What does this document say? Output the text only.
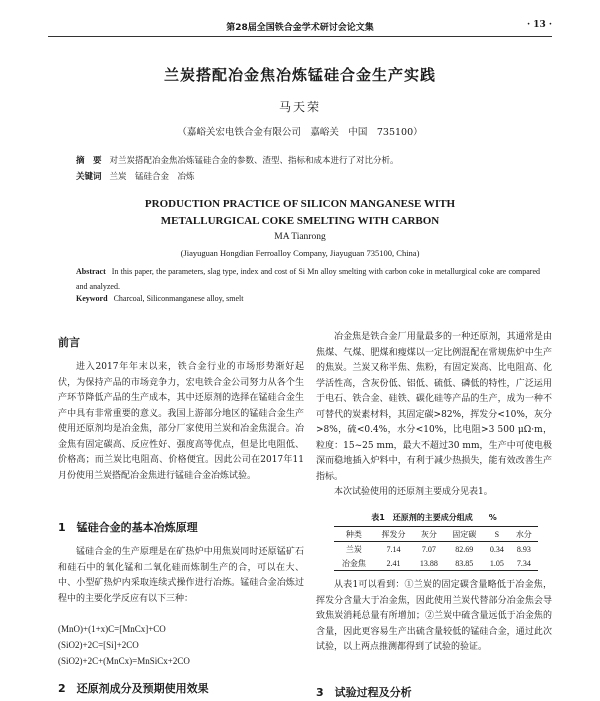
第28届全国铁合金学术研讨会论文集	· 13 ·
兰炭搭配冶金焦冶炼锰硅合金生产实践
马天荣
（嘉峪关宏电铁合金有限公司　嘉峪关　中国　735100）
摘　要 对兰炭搭配冶金焦冶炼锰硅合金的参数、渣型、指标和成本进行了对比分析。
关键词 兰炭　锰硅合金　冶炼
PRODUCTION PRACTICE OF SILICON MANGANESE WITH
METALLURGICAL COKE SMELTING WITH CARBON
MA Tianrong
(Jiayuguan Hongdian Ferroalloy Company, Jiayuguan 735100, China)
Abstract In this paper, the parameters, slag type, index and cost of Si Mn alloy smelting with carbon coke in metallurgical coke are compared and analyzed.
Keyword Charcoal, Siliconmanganese alloy, smelt
前言

进入2017年年末以来，铁合金行业的市场形势渐好起伏，为保持产品的市场竞争力，宏电铁合金公司努力从各个生产环节降低产品的生产成本，其中还原剂的选择在锰硅合金生产中具有非常重要的意义。我国上游部分地区的锰硅合金生产使用还原剂均是冶金焦，部分厂家使用兰炭和冶金焦混合。冶金焦有固定碳高、反应性好、强度高等优点，但是比电阻低、价格高；而兰炭比电阻高、价格便宜。因此公司在2017年11月份使用兰炭搭配冶金焦进行锰硅合金冶炼试验。

1　锰硅合金的基本冶炼原理

锰硅合金的生产原理是在矿热炉中用焦炭同时还原锰矿石和硅石中的氧化锰和二氧化硅而炼制生产的合，可以在大、中、小型矿热炉内采取连续式操作进行冶炼。锰硅合金冶炼过程中的主要化学反应有以下三种：

(MnO)+(1+x)C=[MnCx]+CO
(SiO2)+2C=[Si]+2CO
(SiO2)+2C+(MnCx)=MnSiCx+2CO
2　还原剂成分及预期使用效果

冶金焦是铁合金厂用量最多的一种还原剂，其通常是由焦煤、气煤、肥煤和瘦煤以一定比例混配在常规焦炉中生产的焦炭。兰炭又称半焦、焦粉，有固定炭高、比电阻高、化学活性高，含灰份低、铝低、硫低、磷低的特性，广泛运用于电石、铁合金、硅铁、碳化硅等产品的生产，成为一种不可替代的炭素材料，其固定碳>82%，挥发分<10%，灰分>8%，硫<0.4%，水分<10%，比电阻>3 500 μΩ·m，粒度：15~25 mm，最大不超过30 mm，生产中可使电极深而稳地插入炉料中，有利于减少热损失，能有效改善生产指标。

本次试验使用的还原剂主要成分见表1。

表1　还原剂的主要成分组成　　%
种类	挥发分	灰分	固定碳	S	水分
兰炭	7.14	7.07	82.69	0.34	8.93
冶金焦	2.41	13.88	83.85	1.05	7.34

从表1可以看到：①兰炭的固定碳含量略低于冶金焦，挥发分含量大于冶金焦，因此使用兰炭代替部分冶金焦会导致焦炭消耗总量有所增加；②兰炭中硫含量远低于冶金焦的含量，因此更容易生产出硫含量较低的锰硅合金，通过此次试验，以上两点推测都得到了试验的验证。

3　试验过程及分析
